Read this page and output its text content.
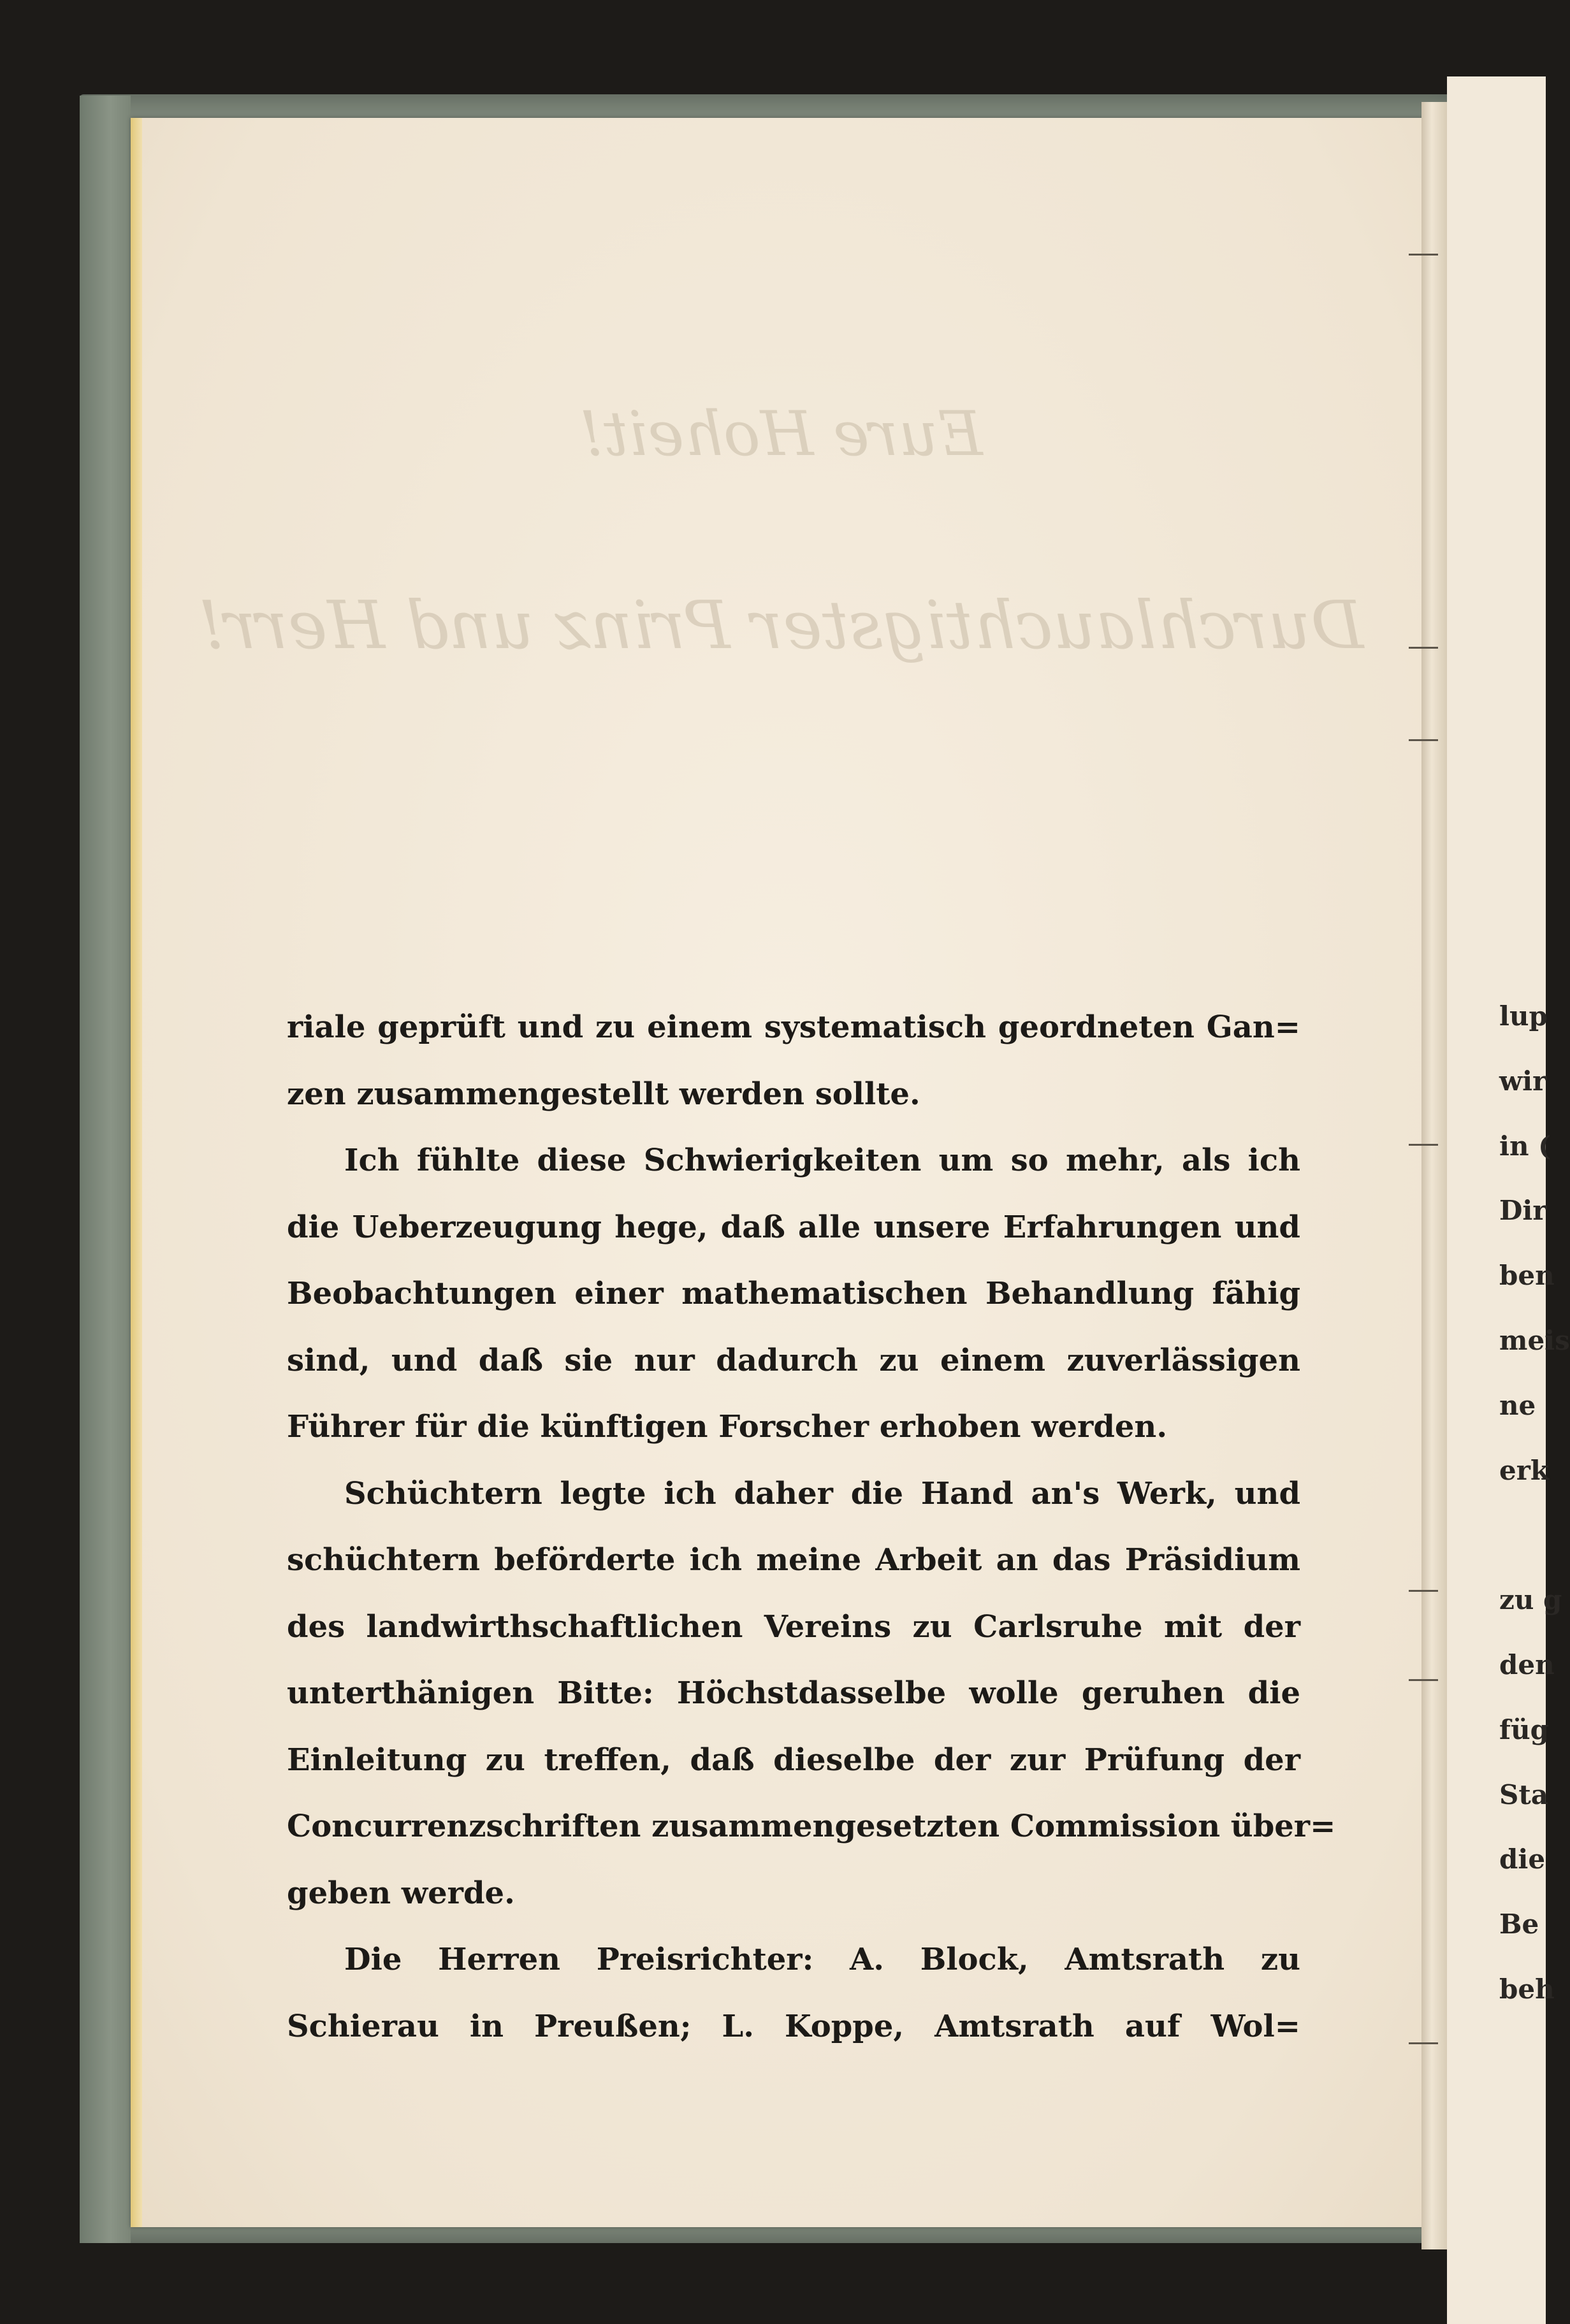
Eure Hoheit!
Durchlauchtigster Prinz und Herr!
riale geprüft und zu einem systematisch geordneten Gan=
zen zusammengestellt werden sollte.
Ich fühlte diese Schwierigkeiten um so mehr, als ich
die Ueberzeugung hege, daß alle unsere Erfahrungen und
Beobachtungen einer mathematischen Behandlung fähig
sind, und daß sie nur dadurch zu einem zuverlässigen
Führer für die künftigen Forscher erhoben werden.
Schüchtern legte ich daher die Hand an's Werk, und
schüchtern beförderte ich meine Arbeit an das Präsidium
des landwirthschaftlichen Vereins zu Carlsruhe mit der
unterthänigen Bitte: Höchstdasselbe wolle geruhen die
Einleitung zu treffen, daß dieselbe der zur Prüfung der
Concurrenzschriften zusammengesetzten Commission über=
geben werde.
Die Herren Preisrichter: A. Block, Amtsrath zu
Schierau in Preußen; L. Koppe, Amtsrath auf Wol=
lup
wir
in (
Dir
ben
meis
ne
erk
zu g
den
füg
Sta
die
Be
beh
